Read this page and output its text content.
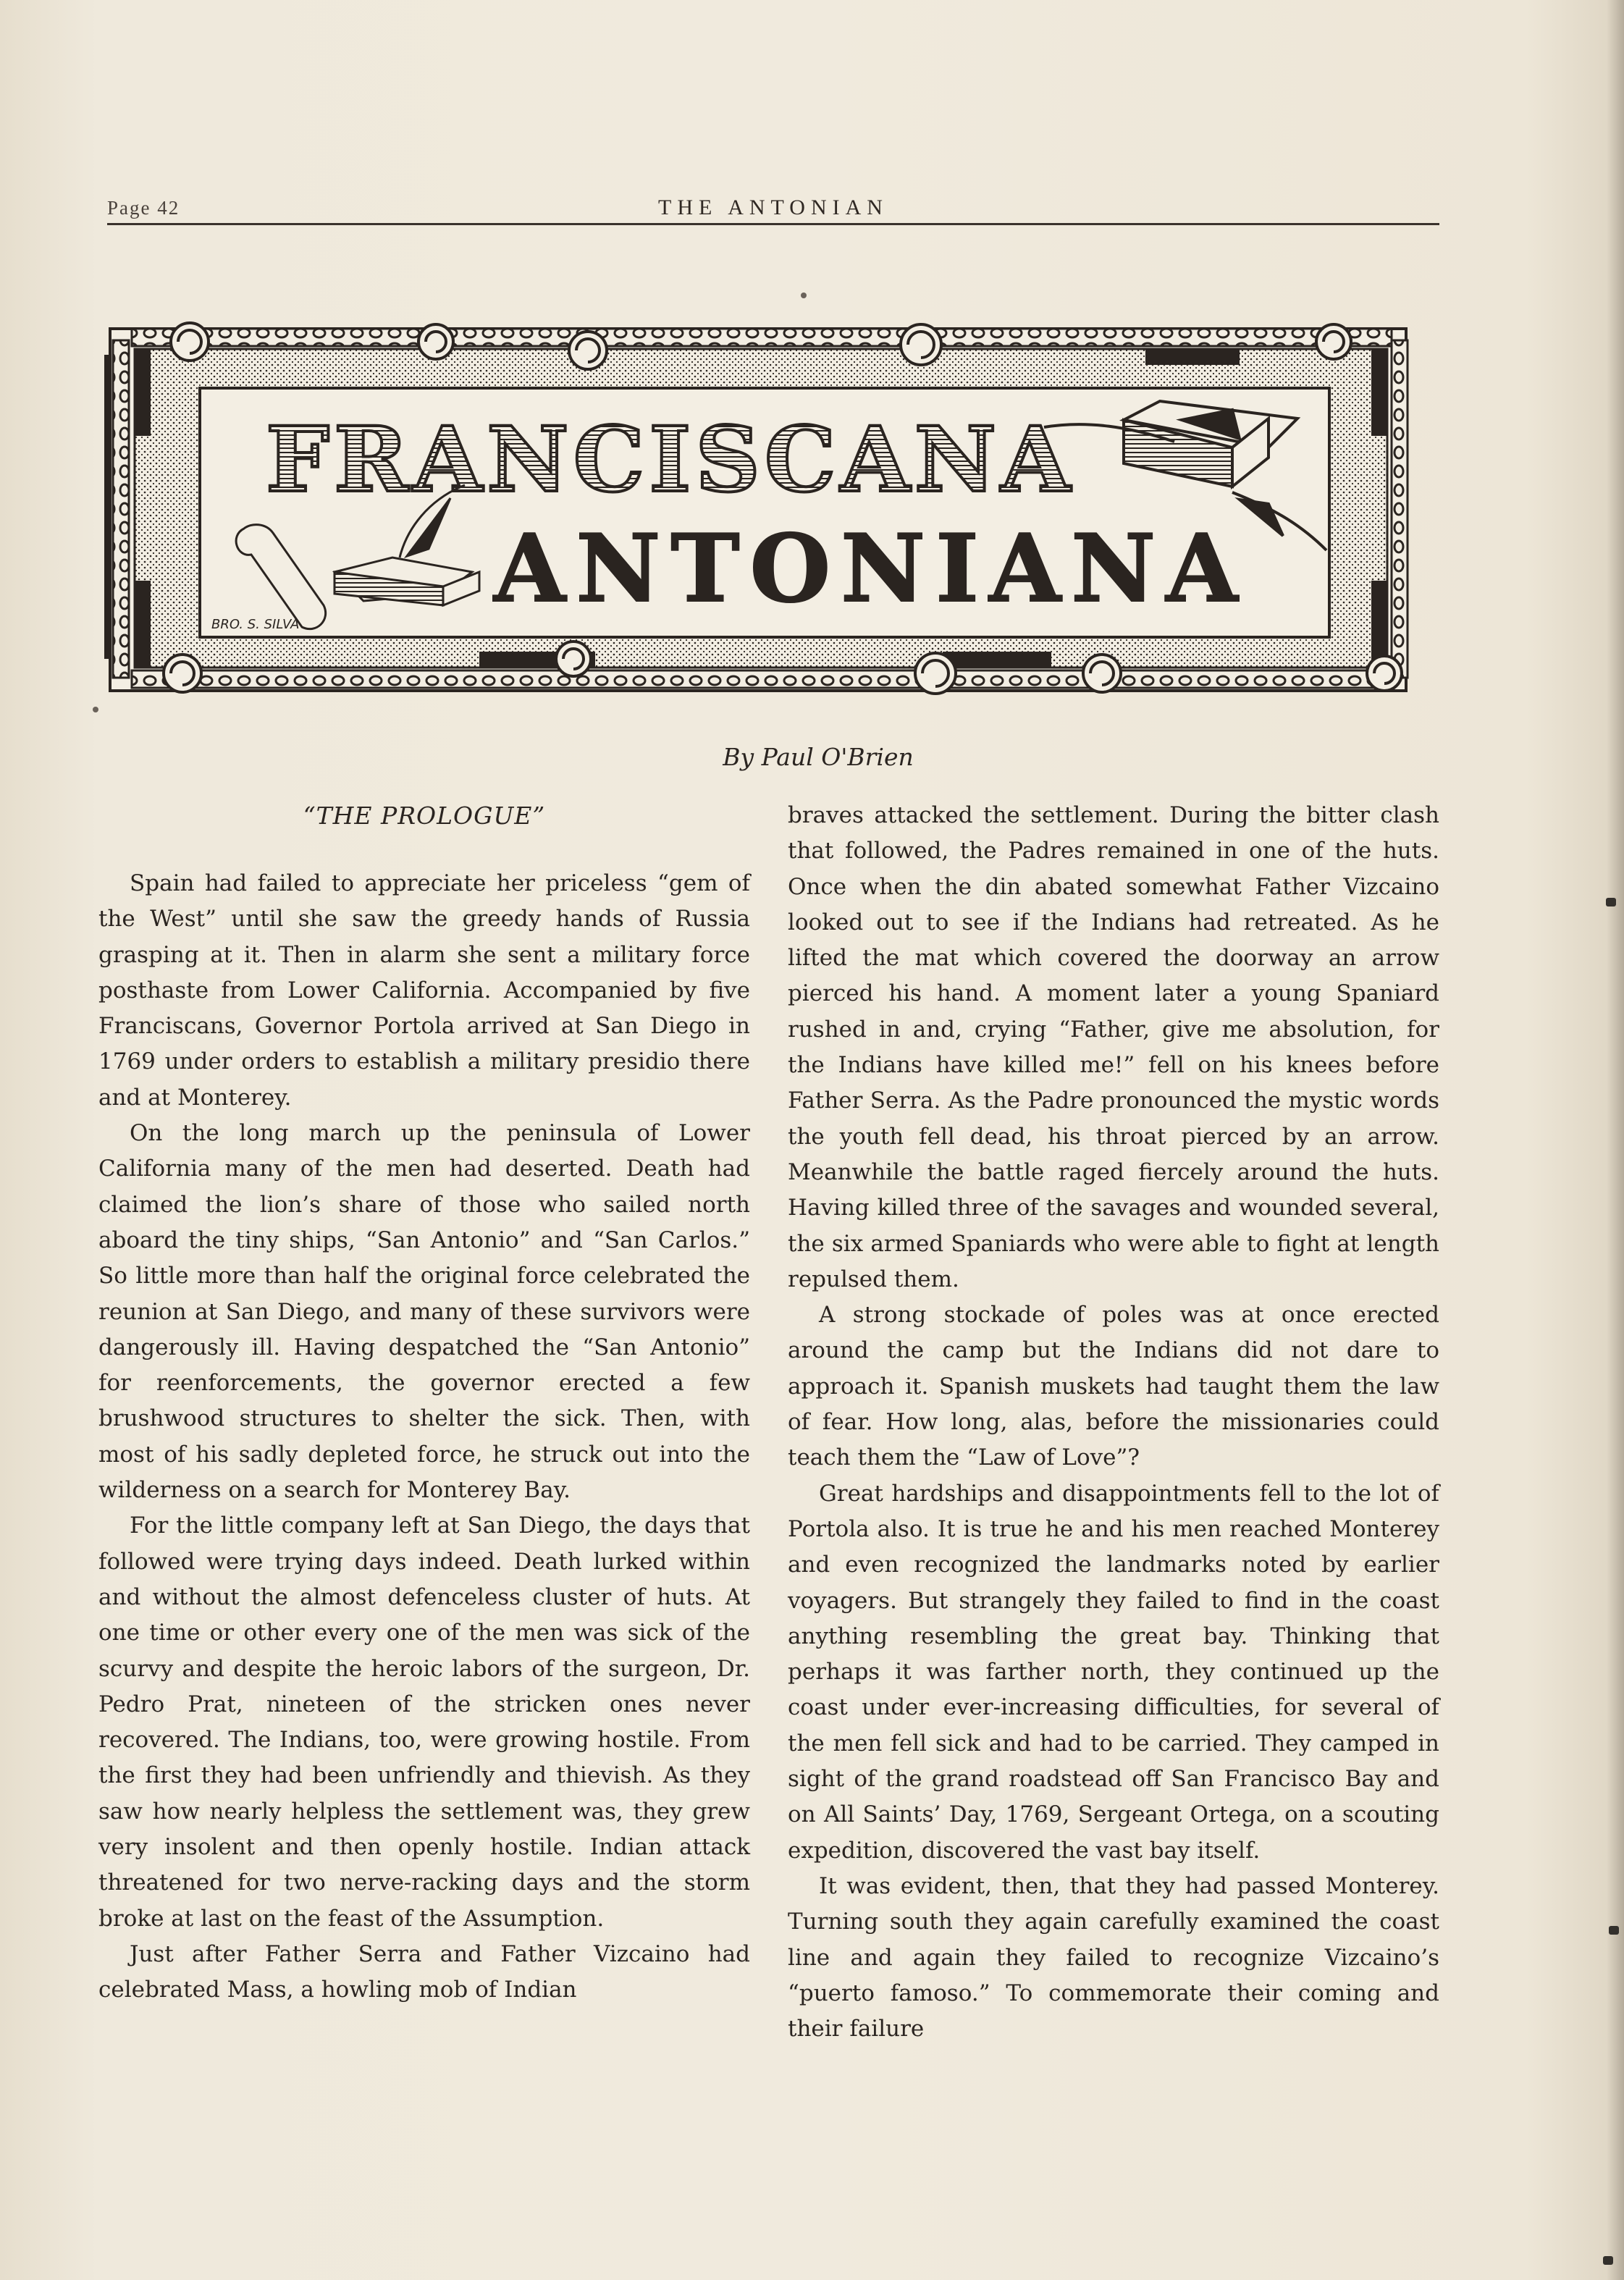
Page 42	THE ANTONIAN
FRANCISCANA
ANTONIANA
BRO. S. SILVA
By Paul O'Brien
“THE PROLOGUE”

Spain had failed to appreciate her priceless “gem of the West” until she saw the greedy hands of Russia grasping at it. Then in alarm she sent a military force posthaste from Lower California. Accompanied by five Franciscans, Governor Portola arrived at San Diego in 1769 under orders to establish a military presidio there and at Monterey.

On the long march up the peninsula of Lower California many of the men had deserted. Death had claimed the lion’s share of those who sailed north aboard the tiny ships, “San Antonio” and “San Carlos.” So little more than half the original force celebrated the reunion at San Diego, and many of these survivors were dangerously ill. Having despatched the “San Antonio” for reenforcements, the governor erected a few brushwood structures to shelter the sick. Then, with most of his sadly depleted force, he struck out into the wilderness on a search for Monterey Bay.

For the little company left at San Diego, the days that followed were trying days indeed. Death lurked within and without the almost defenceless cluster of huts. At one time or other every one of the men was sick of the scurvy and despite the heroic labors of the surgeon, Dr. Pedro Prat, nineteen of the stricken ones never recovered. The Indians, too, were growing hostile. From the first they had been unfriendly and thievish. As they saw how nearly helpless the settlement was, they grew very insolent and then openly hostile. Indian attack threatened for two nerve-racking days and the storm broke at last on the feast of the Assumption.

Just after Father Serra and Father Vizcaino had celebrated Mass, a howling mob of Indian

braves attacked the settlement. During the bitter clash that followed, the Padres remained in one of the huts. Once when the din abated somewhat Father Vizcaino looked out to see if the Indians had retreated. As he lifted the mat which covered the doorway an arrow pierced his hand. A moment later a young Spaniard rushed in and, crying “Father, give me absolution, for the Indians have killed me!” fell on his knees before Father Serra. As the Padre pronounced the mystic words the youth fell dead, his throat pierced by an arrow. Meanwhile the battle raged fiercely around the huts. Having killed three of the savages and wounded several, the six armed Spaniards who were able to fight at length repulsed them.

A strong stockade of poles was at once erected around the camp but the Indians did not dare to approach it. Spanish muskets had taught them the law of fear. How long, alas, before the missionaries could teach them the “Law of Love”?

Great hardships and disappointments fell to the lot of Portola also. It is true he and his men reached Monterey and even recognized the landmarks noted by earlier voyagers. But strangely they failed to find in the coast anything resembling the great bay. Thinking that perhaps it was farther north, they continued up the coast under ever-increasing difficulties, for several of the men fell sick and had to be carried. They camped in sight of the grand roadstead off San Francisco Bay and on All Saints’ Day, 1769, Sergeant Ortega, on a scouting expedition, discovered the vast bay itself.

It was evident, then, that they had passed Monterey. Turning south they again carefully examined the coast line and again they failed to recognize Vizcaino’s “puerto famoso.” To commemorate their coming and their failure
